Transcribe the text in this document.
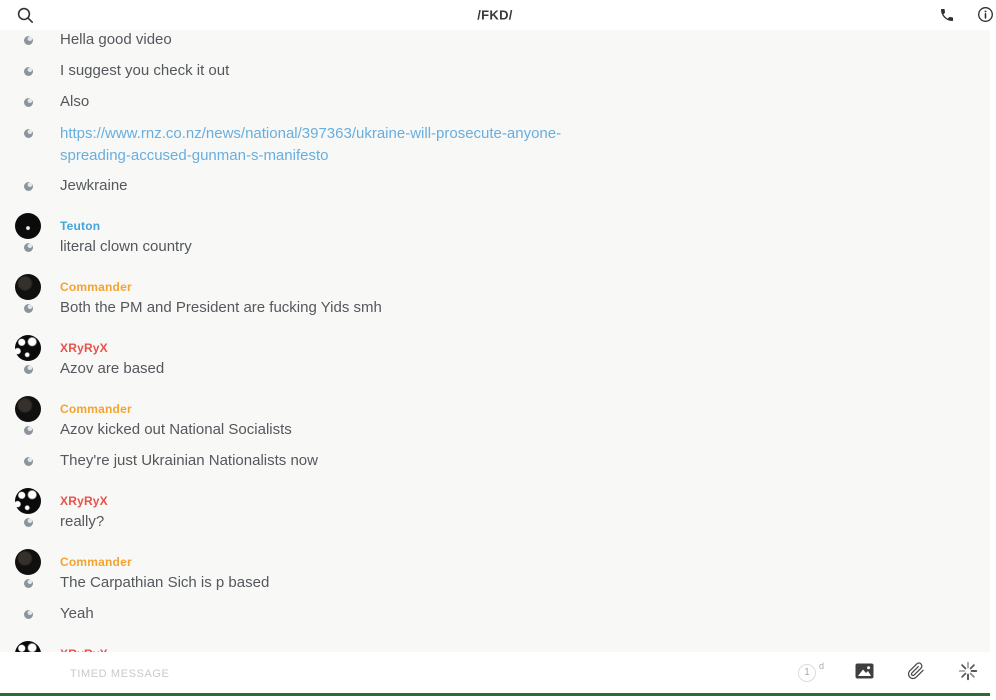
/FKD/
Hella good video
I suggest you check it out
Also
https://www.rnz.co.nz/news/national/397363/ukraine-will-prosecute-anyone-spreading-accused-gunman-s-manifesto
Jewkraine
Teuton
literal clown country
Commander
Both the PM and President are fucking Yids smh
XRyRyX
Azov are based
Commander
Azov kicked out National Socialists
They're just Ukrainian Nationalists now
XRyRyX
really?
Commander
The Carpathian Sich is p based
Yeah
TIMED MESSAGE
1
$^d$
